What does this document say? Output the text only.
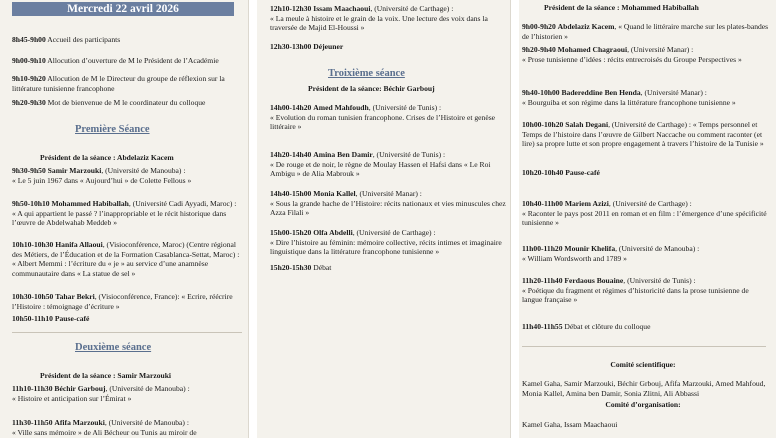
Mercredi 22 avril 2026
8h45-9h00 Accueil des participants
9h00-9h10 Allocution d’ouverture de M le Président de l’Académie
9h10-9h20 Allocution de M le Directeur du groupe de réflexion sur la littérature tunisienne francophone
9h20-9h30 Mot de bienvenue de M le coordinateur du colloque
Première Séance
Président de la séance : Abdelaziz Kacem
9h30-9h50 Samir Marzouki, (Université de Manouba) :
« Le 5 juin 1967 dans « Aujourd’hui » de Colette Fellous »
9h50-10h10 Mohammed Habiballah, (Université Cadi Ayyadi, Maroc) :
« A qui appartient le passé ? l’inappropriable et le récit historique dans l’œuvre de Abdelwahab Meddeb »
10h10-10h30 Hanifa Allaoui, (Visioconférence, Maroc) (Centre régional des Métiers, de l’Éducation et de la Formation Casablanca-Settat, Maroc) : « Albert Memmi : l’écriture du « je » au service d’une anamnèse communautaire dans « La statue de sel »
10h30-10h50 Tahar Bekri, (Visioconférence, France): « Ecrire, réécrire l’Histoire : témoignage d’écriture »
10h50-11h10 Pause-café
Deuxième séance
Président de la séance : Samir Marzouki
11h10-11h30 Béchir Garbouj, (Université de Manouba) :
« Histoire et anticipation sur l’Émirat »
11h30-11h50 Afifa Marzouki, (Université de Manouba) :
« Ville sans mémoire » de Ali Bécheur ou Tunis au miroir de
12h10-12h30 Issam Maachaoui, (Université de Carthage) :
« La meule à histoire et le grain de la voix. Une lecture des voix dans la traversée de Majid El-Houssi »
12h30-13h00 Déjeuner
Troixième séance
Président de la séance: Béchir Garbouj
14h00-14h20 Amed Mahfoudh, (Université de Tunis) :
« Evolution du roman tunisien francophone. Crises de l’Histoire et genèse littéraire »
14h20-14h40 Amina Ben Damir, (Université de Tunis) :
« De rouge et de noir, le règne de Moulay Hassen el Hafsi dans « Le Roi Ambigu » de Alia Mabrouk »
14h40-15h00 Monia Kallel, (Université Manar) :
« Sous la grande hache de l’Histoire: récits nationaux et vies minuscules chez Azza Filali »
15h00-15h20 Olfa Abdelli, (Université de Carthage) :
« Dire l’histoire au féminin: mémoire collective, récits intimes et imaginaire linguistique dans la littérature francophone tunisienne »
15h20-15h30 Débat
Président de la séance : Mohammed Habiballah
9h00-9h20 Abdelaziz Kacem, « Quand le littéraire marche sur les plates-bandes de l’historien »
9h20-9h40 Mohamed Chagraoui, (Université Manar) :
« Prose tunisienne d’idées : récits entrecroisés du Groupe Perspectives »
9h40-10h00 Badereddine Ben Henda, (Université Manar) :
« Bourguiba et son régime dans la littérature francophone tunisienne »
10h00-10h20 Salah Degani, (Université de Carthage) : « Temps personnel et Temps de l’histoire dans l’œuvre de Gilbert Naccache ou comment raconter (et lire) sa propre lutte et son propre engagement à travers l’histoire de la Tunisie »
10h20-10h40 Pause-café
10h40-11h00 Mariem Azizi, (Université de Carthage) :
« Raconter le pays post 2011 en roman et en film : l’émergence d’une spécificité tunisienne »
11h00-11h20 Mounir Khelifa, (Université de Manouba) :
« William Wordsworth and 1789 »
11h20-11h40 Ferdaous Bouaine, (Université de Tunis) :
« Poétique du fragment et régimes d’historicité dans la prose tunisienne de langue française »
11h40-11h55 Débat et clôture du colloque
Comité scientifique:
Kamel Gaha, Samir Marzouki, Béchir Grbouj, Afifa Marzouki, Amed Mahfoud, Monia Kallel, Amina ben Damir, Sonia Zlitni, Ali Abbassi
Comité d’organisation:
Kamel Gaha, Issam Maachaoui
